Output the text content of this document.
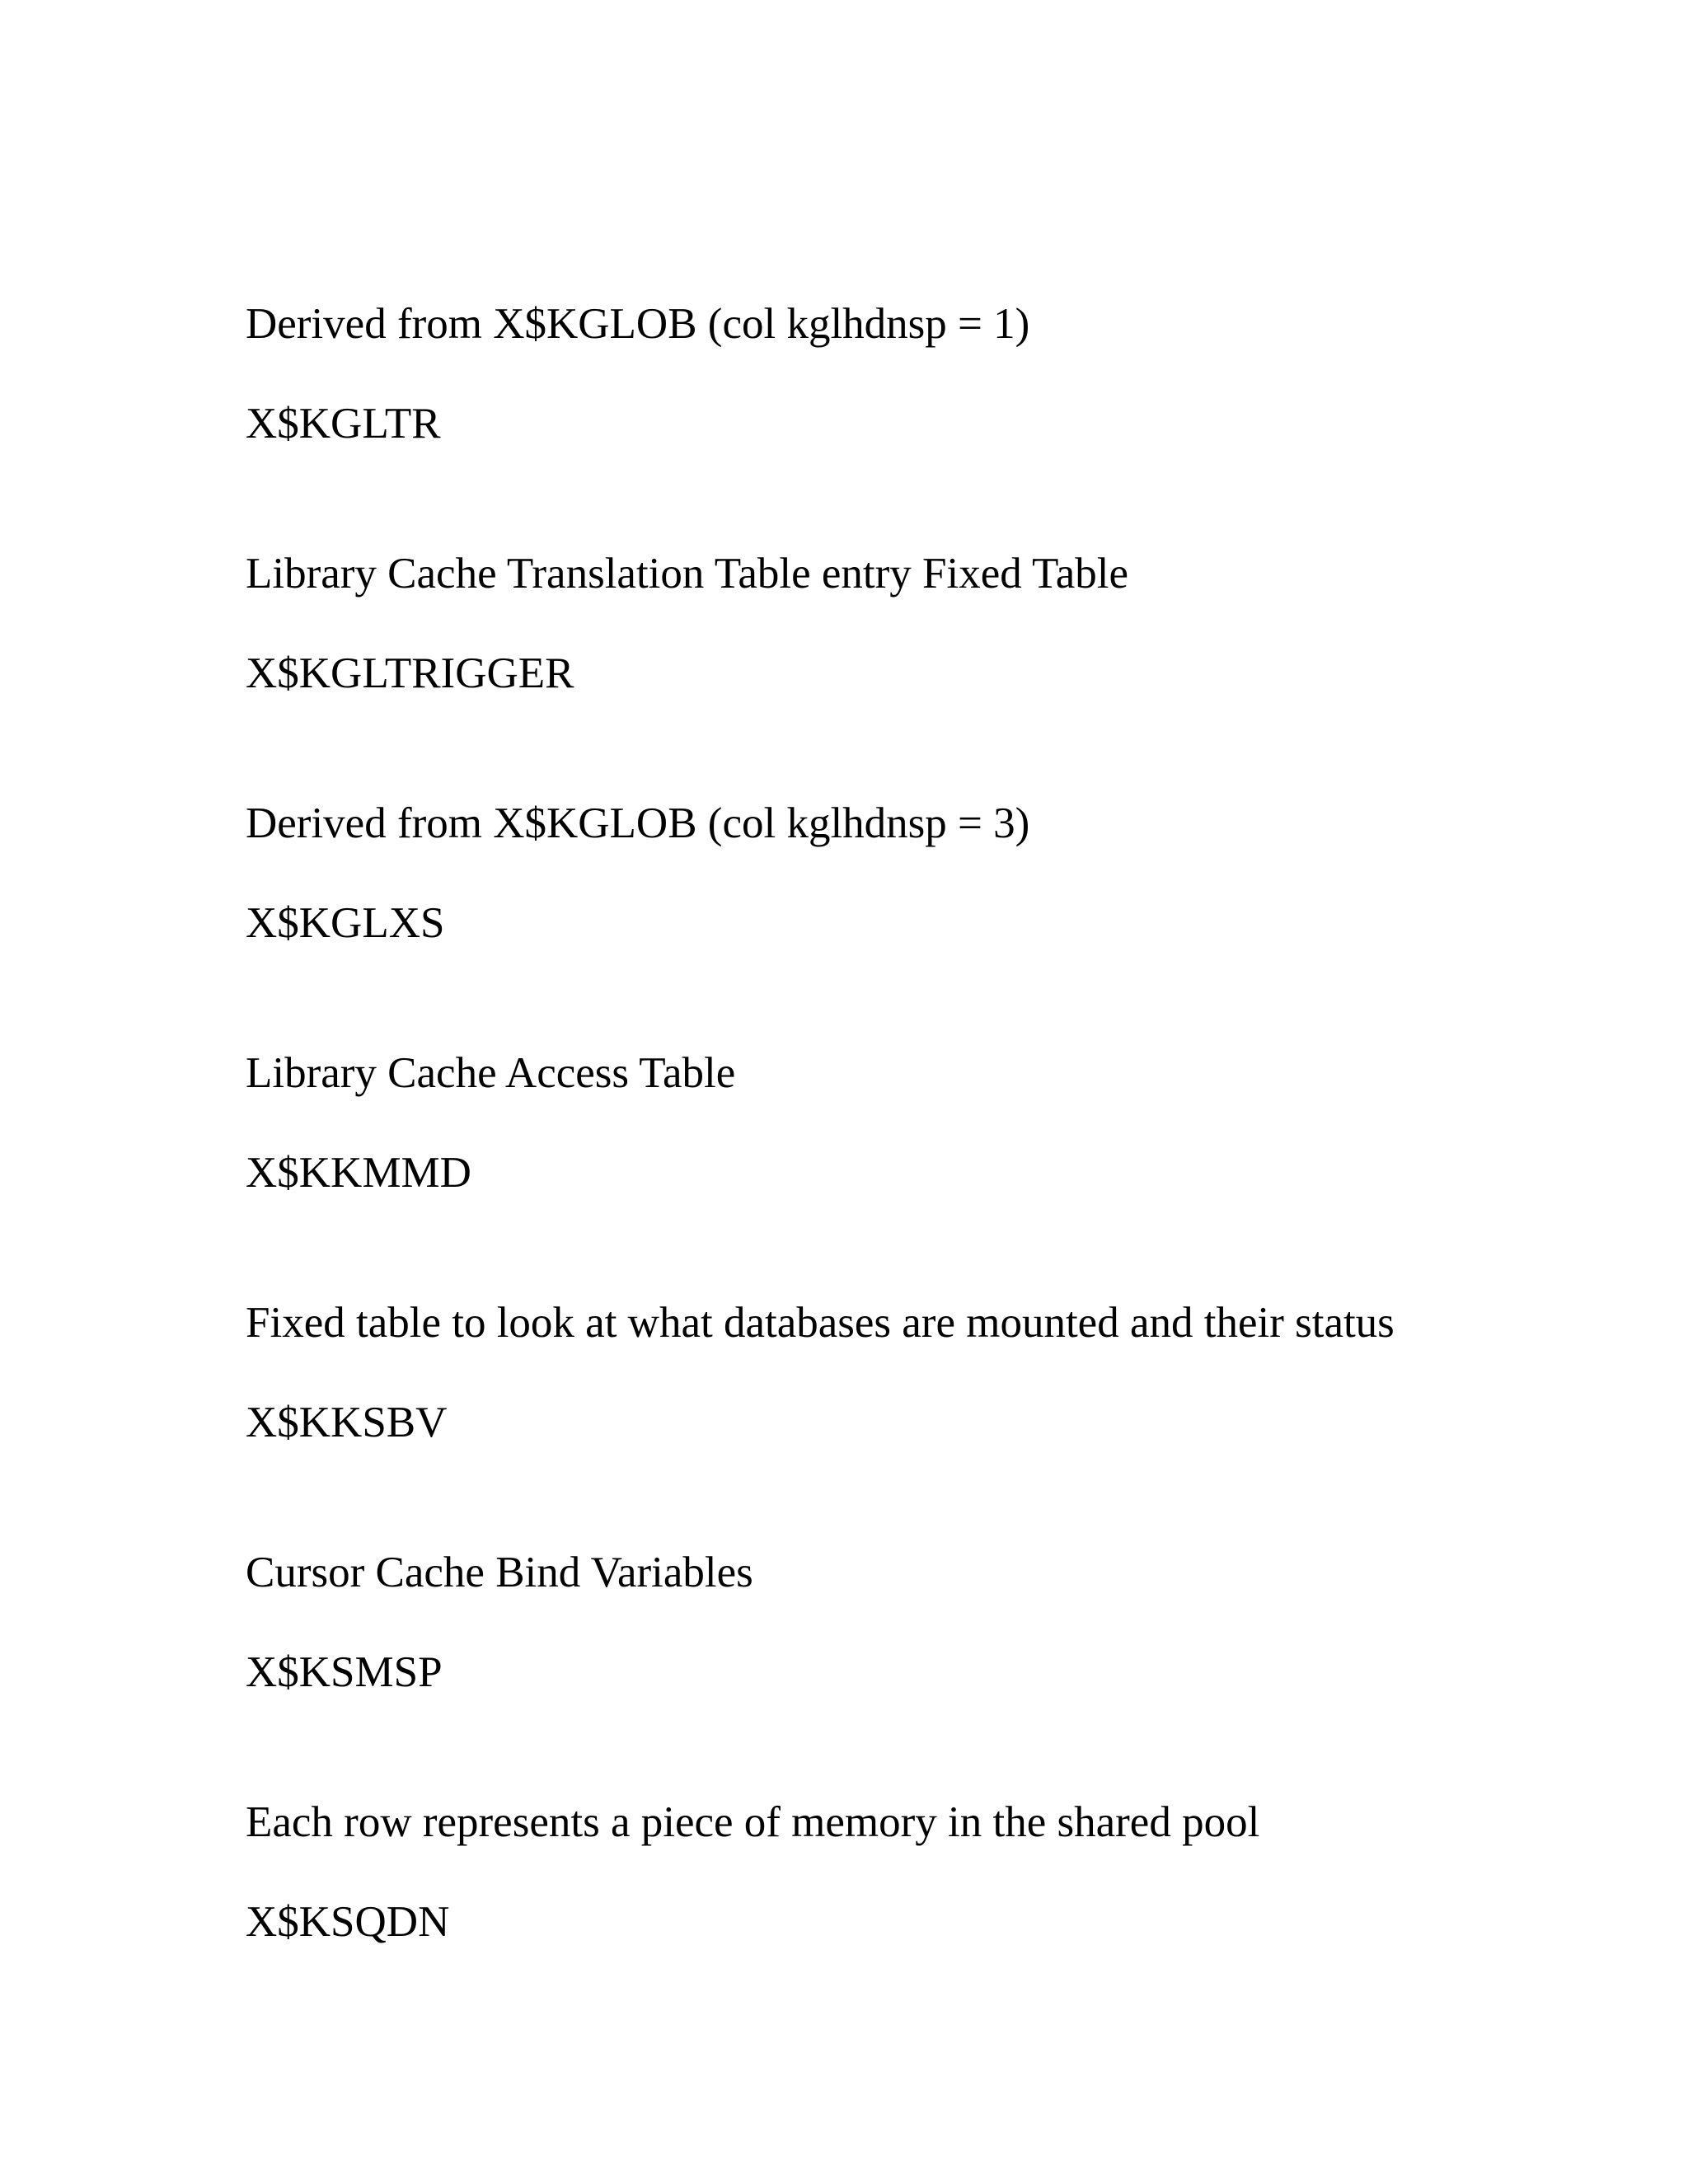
Derived from X$KGLOB (col kglhdnsp = 1)

X$KGLTR

Library Cache Translation Table entry Fixed Table

X$KGLTRIGGER

Derived from X$KGLOB (col kglhdnsp = 3)

X$KGLXS

Library Cache Access Table

X$KKMMD

Fixed table to look at what databases are mounted and their status

X$KKSBV

Cursor Cache Bind Variables

X$KSMSP

Each row represents a piece of memory in the shared pool

X$KSQDN
